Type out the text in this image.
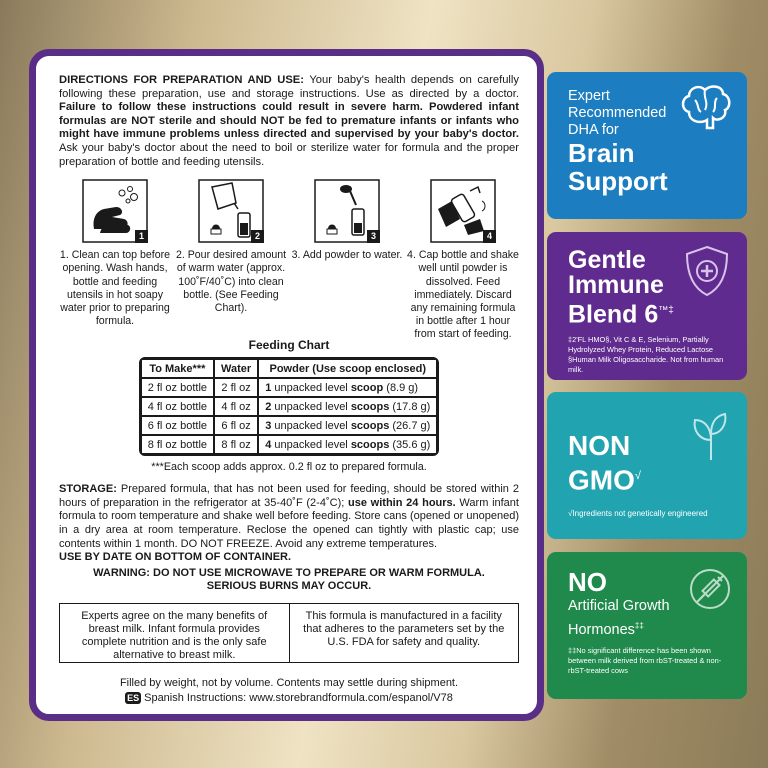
DIRECTIONS FOR PREPARATION AND USE: Your baby's health depends on carefully following these preparation, use and storage instructions. Use as directed by a doctor. Failure to follow these instructions could result in severe harm. Powdered infant formulas are NOT sterile and should NOT be fed to premature infants or infants who might have immune problems unless directed and supervised by your baby's doctor. Ask your baby's doctor about the need to boil or sterilize water for formula and the proper preparation of bottle and feeding utensils.
1
1. Clean can top before opening. Wash hands, bottle and feeding utensils in hot soapy water prior to preparing formula.
2
2. Pour desired amount of warm water (approx. 100˚F/40˚C) into clean bottle. (See Feeding Chart).
3
3. Add powder to water.
4
4. Cap bottle and shake well until powder is dissolved. Feed immediately. Discard any remaining formula in bottle after 1 hour from start of feeding.
Feeding Chart
To Make***	Water	Powder (Use scoop enclosed)
2 fl oz bottle	2 fl oz	1 unpacked level scoop (8.9 g)
4 fl oz bottle	4 fl oz	2 unpacked level scoops (17.8 g)
6 fl oz bottle	6 fl oz	3 unpacked level scoops (26.7 g)
8 fl oz bottle	8 fl oz	4 unpacked level scoops (35.6 g)
***Each scoop adds approx. 0.2 fl oz to prepared formula.
STORAGE: Prepared formula, that has not been used for feeding, should be stored within 2 hours of preparation in the refrigerator at 35-40˚F (2-4˚C); use within 24 hours. Warm infant formula to room temperature and shake well before feeding. Store cans (opened or unopened) in a dry area at room temperature. Reclose the opened can tightly with plastic cap; use contents within 1 month. DO NOT FREEZE. Avoid any extreme temperatures.
USE BY DATE ON BOTTOM OF CONTAINER.
WARNING: DO NOT USE MICROWAVE TO PREPARE OR WARM FORMULA.
SERIOUS BURNS MAY OCCUR.
Experts agree on the many benefits of breast milk. Infant formula provides complete nutrition and is the only safe alternative to breast milk.
This formula is manufactured in a facility that adheres to the parameters set by the U.S. FDA for safety and quality.
Filled by weight, not by volume. Contents may settle during shipment.
ES Spanish Instructions: www.storebrandformula.com/espanol/V78
Expert
Recommended
DHA for
Brain
Support
Gentle
Immune
Blend 6™‡
‡2'FL HMO§, Vit C & E, Selenium, Partially Hydrolyzed Whey Protein, Reduced Lactose §Human Milk Oligosaccharide. Not from human milk.
NON
GMO√
√Ingredients not genetically engineered
NO
Artificial Growth
Hormones‡‡
‡‡No significant difference has been shown between milk derived from rbST-treated & non-rbST-treated cows
